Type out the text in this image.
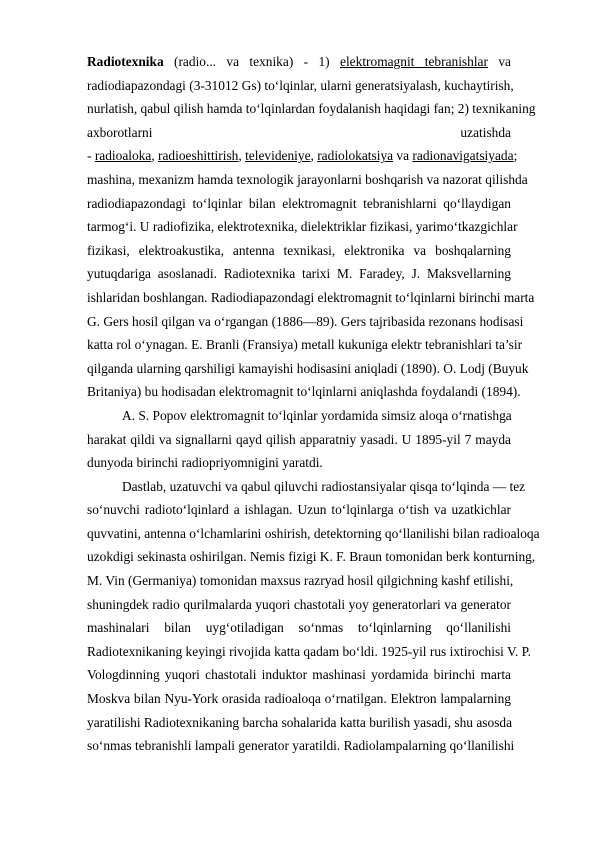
Radiotexnika (radio... va texnika) - 1) elektromagnit tebranishlar va
radiodiapazondagi (3-31012 Gs) to‘lqinlar, ularni generatsiyalash, kuchaytirish,
nurlatish, qabul qilish hamda to‘lqinlardan foydalanish haqidagi fan; 2) texnikaning
axborotlarni uzatishda
- radioaloka, radioeshittirish, televideniye, radiolokatsiya va radionavigatsiyada;
mashina, mexanizm hamda texnologik jarayonlarni boshqarish va nazorat qilishda
radiodiapazondagi to‘lqinlar bilan elektromagnit tebranishlarni qo‘llaydigan
tarmog‘i. U radiofizika, elektrotexnika, dielektriklar fizikasi, yarimo‘tkazgichlar
fizikasi, elektroakustika, antenna texnikasi, elektronika va boshqalarning
yutuqdariga asoslanadi. Radiotexnika tarixi M. Faradey, J. Maksvellarning
ishlaridan boshlangan. Radiodiapazondagi elektromagnit to‘lqinlarni birinchi marta
G. Gers hosil qilgan va o‘rgangan (1886—89). Gers tajribasida rezonans hodisasi
katta rol o‘ynagan. E. Branli (Fransiya) metall kukuniga elektr tebranishlari ta’sir
qilganda ularning qarshiligi kamayishi hodisasini aniqladi (1890). O. Lodj (Buyuk
Britaniya) bu hodisadan elektromagnit to‘lqinlarni aniqlashda foydalandi (1894).
A. S. Popov elektromagnit to‘lqinlar yordamida simsiz aloqa o‘rnatishga
harakat qildi va signallarni qayd qilish apparatniy yasadi. U 1895-yil 7 mayda
dunyoda birinchi radiopriyomnigini yaratdi.
Dastlab, uzatuvchi va qabul qiluvchi radiostansiyalar qisqa to‘lqinda — tez
so‘nuvchi radioto‘lqinlard a ishlagan. Uzun to‘lqinlarga o‘tish va uzatkichlar
quvvatini, antenna o‘lchamlarini oshirish, detektorning qo‘llanilishi bilan radioaloqa
uzokdigi sekinasta oshirilgan. Nemis fizigi K. F. Braun tomonidan berk konturning,
M. Vin (Germaniya) tomonidan maxsus razryad hosil qilgichning kashf etilishi,
shuningdek radio qurilmalarda yuqori chastotali yoy generatorlari va generator
mashinalari bilan uyg‘otiladigan so‘nmas to‘lqinlarning qo‘llanilishi
Radiotexnikaning keyingi rivojida katta qadam bo‘ldi. 1925-yil rus ixtirochisi V. P.
Vologdinning yuqori chastotali induktor mashinasi yordamida birinchi marta
Moskva bilan Nyu-York orasida radioaloqa o‘rnatilgan. Elektron lampalarning
yaratilishi Radiotexnikaning barcha sohalarida katta burilish yasadi, shu asosda
so‘nmas tebranishli lampali generator yaratildi. Radiolampalarning qo‘llanilishi
